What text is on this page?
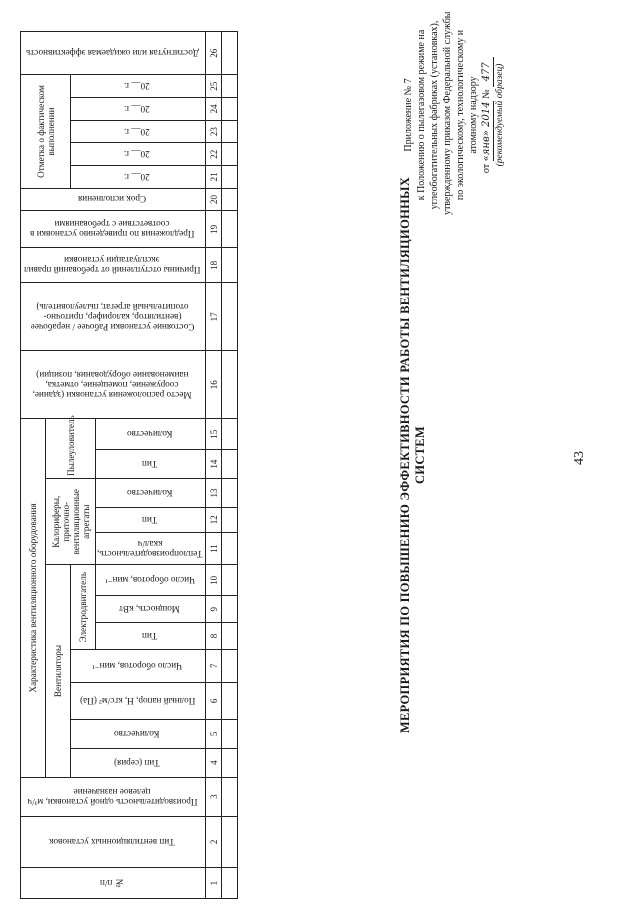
43
Приложение № 7 к Положению о пылегазовом режиме на углеобогатительных фабриках (установках), утвержденному приказом Федеральной службы по экологическому, технологическому и атомному надзору
от «янв» 2014 № 477 (рекомендуемый образец)
МЕРОПРИЯТИЯ ПО ПОВЫШЕНИЮ ЭФФЕКТИВНОСТИ РАБОТЫ ВЕНТИЛЯЦИОННЫХ СИСТЕМ
№ п/п	Тип вентиляционных установок	Производительность одной установки, м³/ч целевое назначение	Характеристика вентиляционного оборудования												Место расположения установки (здание, сооружение, помещение, отметка, наименование оборудования, позиции)	Состояние установки Рабочее / нерабочее (вентилятор, калорифер, приточно-отопительный агрегат, пылеуловитель)	Причины отступлений от требований правил эксплуатации установки	Предложения по приведению установки в соответствие с требованиями	Срок исполнения	Отметка о фактическом выполнении					Достигнутая или ожидаемая эффективность
			Вентиляторы							Калориферы, приточно-вентиляционные агрегаты			Пылеуловитель												
			Тип (серия)	Количество	Полный напор, Н, кгс/м² (Па)	Число оборотов, мин⁻¹	Электродвигатель													20__ г.	20__ г.	20__ г.	20__ г.	20__ г.	
							Тип	Мощность, кВт	Число оборотов, мин⁻¹	Теплопроизводительность, ккал/ч	Тип	Количество	Тип	Количество											
1	2	3	4	5	6	7	8	9	10	11	12	13	14	15	16	17	18	19	20	21	22	23	24	25	26
